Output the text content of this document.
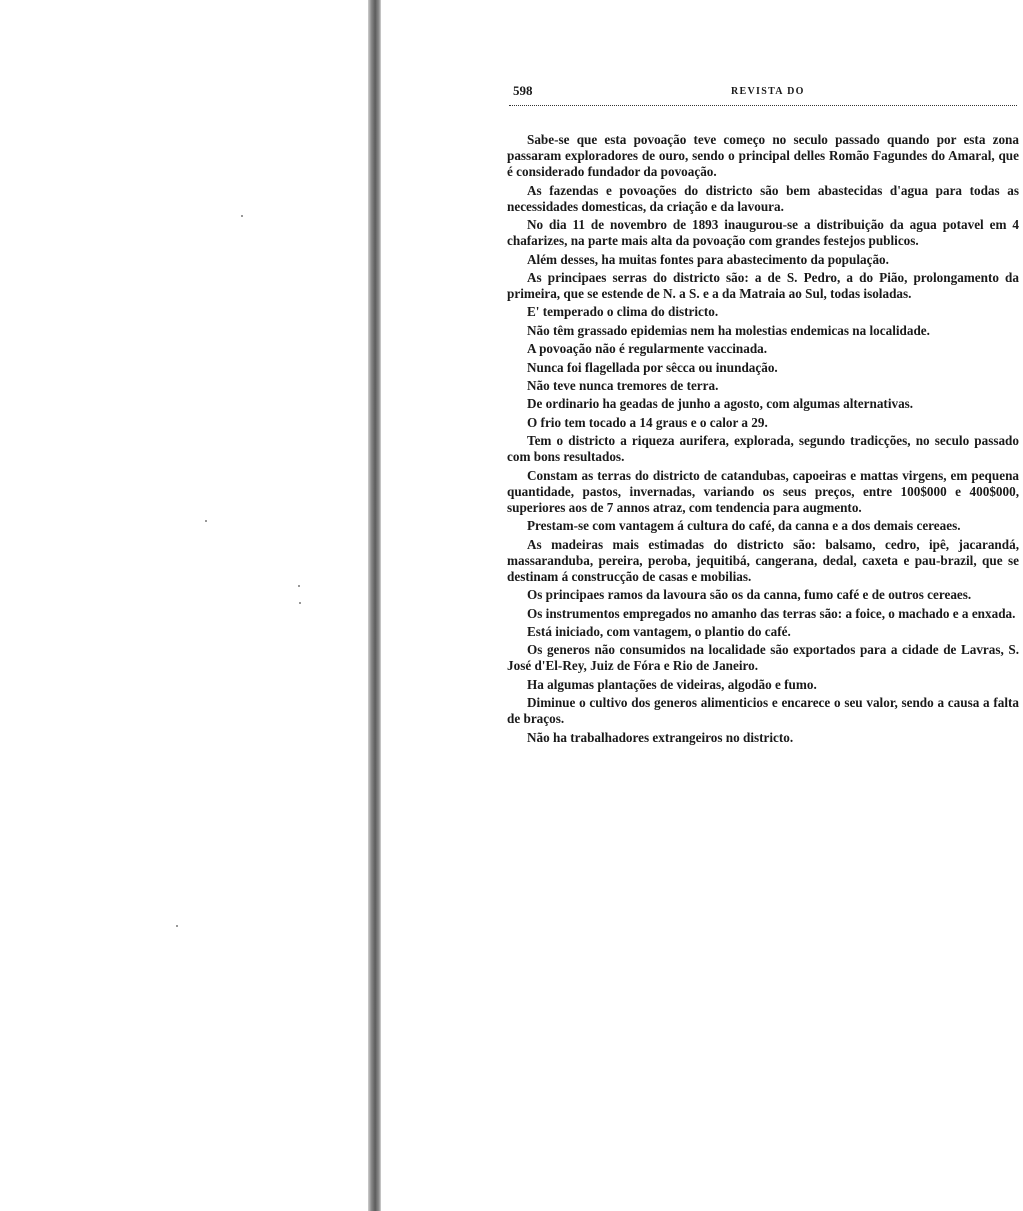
598	REVISTA DO

Sabe-se que esta povoação teve começo no seculo passado quando por esta zona passaram exploradores de ouro, sendo o principal delles Romão Fagundes do Amaral, que é considerado fundador da povoação.

As fazendas e povoações do districto são bem abastecidas d'agua para todas as necessidades domesticas, da criação e da lavoura.

No dia 11 de novembro de 1893 inaugurou-se a distribuição da agua potavel em 4 chafarizes, na parte mais alta da povoação com grandes festejos publicos.

Além desses, ha muitas fontes para abastecimento da população.

As principaes serras do districto são: a de S. Pedro, a do Pião, prolongamento da primeira, que se estende de N. a S. e a da Matraia ao Sul, todas isoladas.

E' temperado o clima do districto.

Não têm grassado epidemias nem ha molestias endemicas na localidade.

A povoação não é regularmente vaccinada.

Nunca foi flagellada por sêcca ou inundação.

Não teve nunca tremores de terra.

De ordinario ha geadas de junho a agosto, com algumas alternativas.

O frio tem tocado a 14 graus e o calor a 29.

Tem o districto a riqueza aurifera, explorada, segundo tradicções, no seculo passado com bons resultados.

Constam as terras do districto de catandubas, capoeiras e mattas virgens, em pequena quantidade, pastos, invernadas, variando os seus preços, entre 100$000 e 400$000, superiores aos de 7 annos atraz, com tendencia para augmento.

Prestam-se com vantagem á cultura do café, da canna e a dos demais cereaes.

As madeiras mais estimadas do districto são: balsamo, cedro, ipê, jacarandá, massaranduba, pereira, peroba, jequitibá, cangerana, dedal, caxeta e pau-brazil, que se destinam á construcção de casas e mobilias.

Os principaes ramos da lavoura são os da canna, fumo café e de outros cereaes.

Os instrumentos empregados no amanho das terras são: a foice, o machado e a enxada.

Está iniciado, com vantagem, o plantio do café.

Os generos não consumidos na localidade são exportados para a cidade de Lavras, S. José d'El-Rey, Juiz de Fóra e Rio de Janeiro.

Ha algumas plantações de videiras, algodão e fumo.

Diminue o cultivo dos generos alimenticios e encarece o seu valor, sendo a causa a falta de braços.

Não ha trabalhadores extrangeiros no districto.
